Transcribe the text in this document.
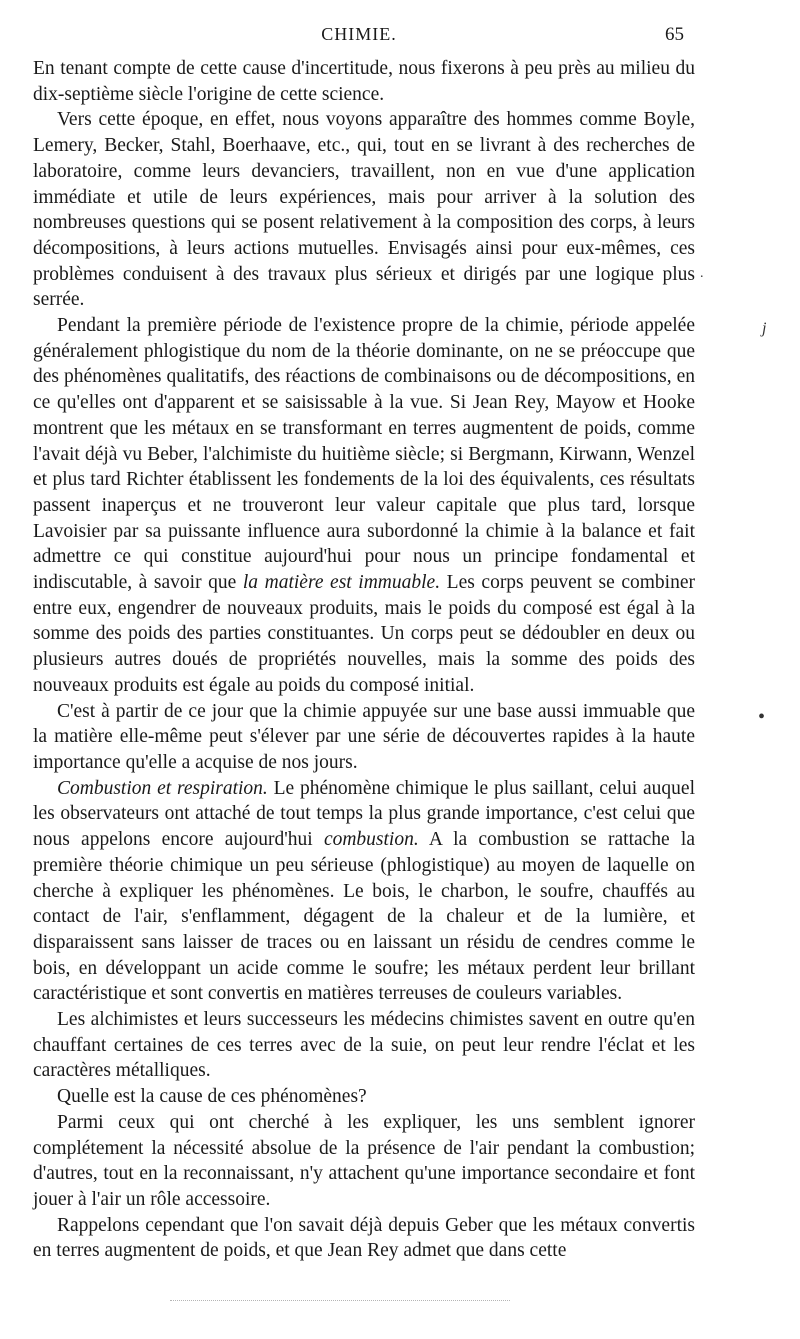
CHIMIE.	65

En tenant compte de cette cause d'incertitude, nous fixerons à peu près au milieu du dix-septième siècle l'origine de cette science.

Vers cette époque, en effet, nous voyons apparaître des hommes comme Boyle, Lemery, Becker, Stahl, Boerhaave, etc., qui, tout en se livrant à des recherches de laboratoire, comme leurs devanciers, travaillent, non en vue d'une application immédiate et utile de leurs expériences, mais pour arriver à la solution des nombreuses questions qui se posent relativement à la composition des corps, à leurs décompositions, à leurs actions mutuelles. Envisagés ainsi pour eux-mêmes, ces problèmes conduisent à des travaux plus sérieux et dirigés par une logique plus serrée.

Pendant la première période de l'existence propre de la chimie, période appelée généralement phlogistique du nom de la théorie dominante, on ne se préoccupe que des phénomènes qualitatifs, des réactions de combinaisons ou de décompositions, en ce qu'elles ont d'apparent et se saisissable à la vue. Si Jean Rey, Mayow et Hooke montrent que les métaux en se transformant en terres augmentent de poids, comme l'avait déjà vu Beber, l'alchimiste du huitième siècle; si Bergmann, Kirwann, Wenzel et plus tard Richter établissent les fondements de la loi des équivalents, ces résultats passent inaperçus et ne trouveront leur valeur capitale que plus tard, lorsque Lavoisier par sa puissante influence aura subordonné la chimie à la balance et fait admettre ce qui constitue aujourd'hui pour nous un principe fondamental et indiscutable, à savoir que la matière est immuable. Les corps peuvent se combiner entre eux, engendrer de nouveaux produits, mais le poids du composé est égal à la somme des poids des parties constituantes. Un corps peut se dédoubler en deux ou plusieurs autres doués de propriétés nouvelles, mais la somme des poids des nouveaux produits est égale au poids du composé initial.

C'est à partir de ce jour que la chimie appuyée sur une base aussi immuable que la matière elle-même peut s'élever par une série de découvertes rapides à la haute importance qu'elle a acquise de nos jours.

Combustion et respiration. Le phénomène chimique le plus saillant, celui auquel les observateurs ont attaché de tout temps la plus grande importance, c'est celui que nous appelons encore aujourd'hui combustion. A la combustion se rattache la première théorie chimique un peu sérieuse (phlogistique) au moyen de laquelle on cherche à expliquer les phénomènes. Le bois, le charbon, le soufre, chauffés au contact de l'air, s'enflamment, dégagent de la chaleur et de la lumière, et disparaissent sans laisser de traces ou en laissant un résidu de cendres comme le bois, en développant un acide comme le soufre; les métaux perdent leur brillant caractéristique et sont convertis en matières terreuses de couleurs variables.

Les alchimistes et leurs successeurs les médecins chimistes savent en outre qu'en chauffant certaines de ces terres avec de la suie, on peut leur rendre l'éclat et les caractères métalliques.

Quelle est la cause de ces phénomènes?

Parmi ceux qui ont cherché à les expliquer, les uns semblent ignorer complétement la nécessité absolue de la présence de l'air pendant la combustion; d'autres, tout en la reconnaissant, n'y attachent qu'une importance secondaire et font jouer à l'air un rôle accessoire.

Rappelons cependant que l'on savait déjà depuis Geber que les métaux convertis en terres augmentent de poids, et que Jean Rey admet que dans cette

.
j
•
